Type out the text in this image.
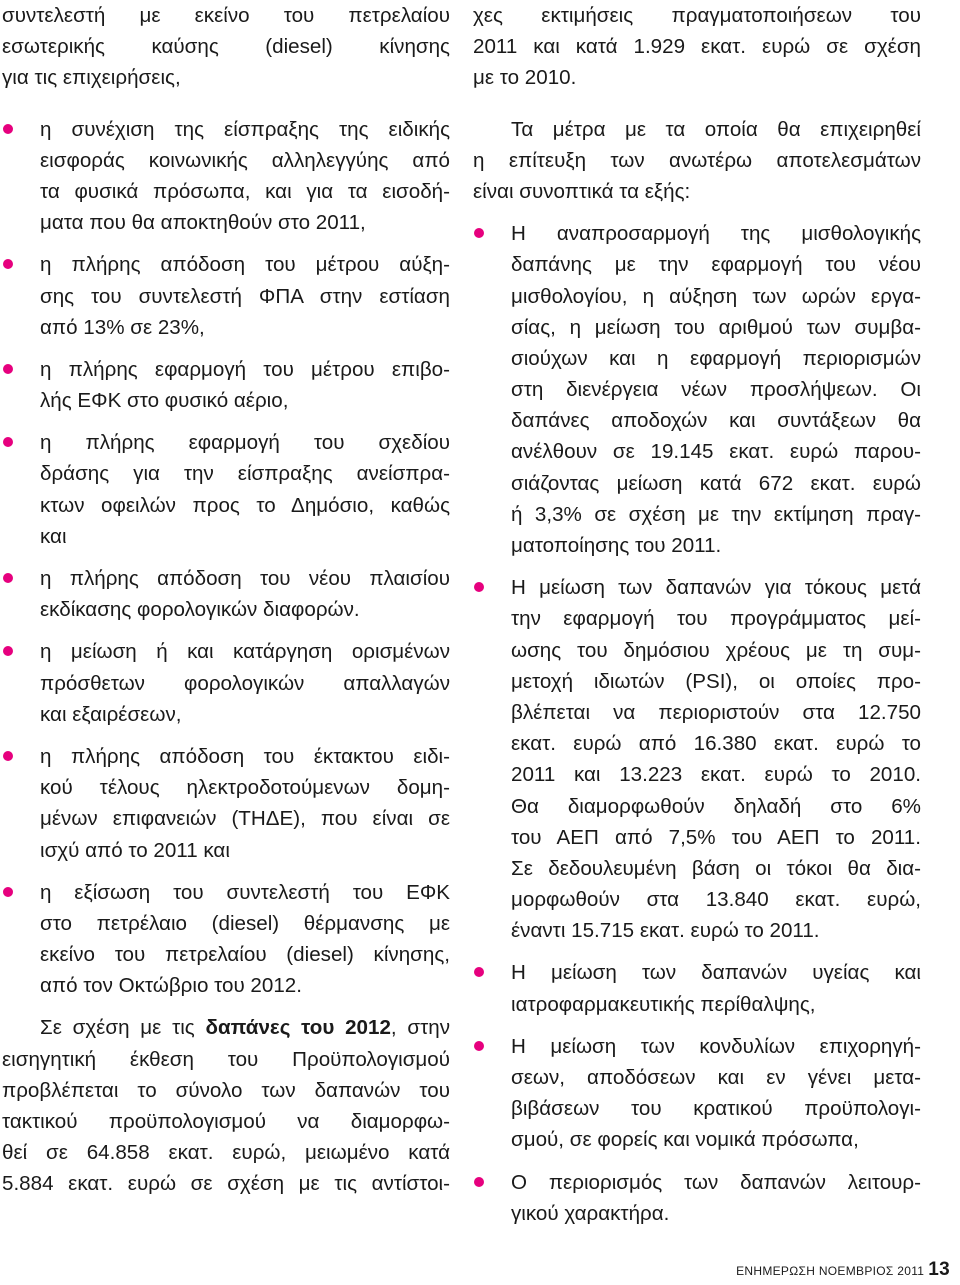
συντελεστή με εκείνο του πετρελαίου
εσωτερικής καύσης (diesel) κίνησης
για τις επιχειρήσεις,
η συνέχιση της είσπραξης της ειδικής
εισφοράς κοινωνικής αλληλεγγύης από
τα φυσικά πρόσωπα, και για τα εισοδή-
ματα που θα αποκτηθούν στο 2011,
η πλήρης απόδοση του μέτρου αύξη-
σης του συντελεστή ΦΠΑ στην εστίαση
από 13% σε 23%,
η πλήρης εφαρμογή του μέτρου επιβο-
λής ΕΦΚ στο φυσικό αέριο,
η πλήρης εφαρμογή του σχεδίου
δράσης για την είσπραξης ανείσπρα-
κτων οφειλών προς το Δημόσιο, καθώς
και
η πλήρης απόδοση του νέου πλαισίου
εκδίκασης φορολογικών διαφορών.
η μείωση ή και κατάργηση ορισμένων
πρόσθετων φορολογικών απαλλαγών
και εξαιρέσεων,
η πλήρης απόδοση του έκτακτου ειδι-
κού τέλους ηλεκτροδοτούμενων δομη-
μένων επιφανειών (ΤΗΔΕ), που είναι σε
ισχύ από το 2011 και
η εξίσωση του συντελεστή του ΕΦΚ
στο πετρέλαιο (diesel) θέρμανσης με
εκείνο του πετρελαίου (diesel) κίνησης,
από τον Οκτώβριο του 2012.
Σε σχέση με τις δαπάνες του 2012, στην
εισηγητική έκθεση του Προϋπολογισμού
προβλέπεται το σύνολο των δαπανών του
τακτικού προϋπολογισμού να διαμορφω-
θεί σε 64.858 εκατ. ευρώ, μειωμένο κατά
5.884 εκατ. ευρώ σε σχέση με τις αντίστοι-
χες εκτιμήσεις πραγματοποιήσεων του
2011 και κατά 1.929 εκατ. ευρώ σε σχέση
με το 2010.
Τα μέτρα με τα οποία θα επιχειρηθεί
η επίτευξη των ανωτέρω αποτελεσμάτων
είναι συνοπτικά τα εξής:
Η αναπροσαρμογή της μισθολογικής
δαπάνης με την εφαρμογή του νέου
μισθολογίου, η αύξηση των ωρών εργα-
σίας, η μείωση του αριθμού των συμβα-
σιούχων και η εφαρμογή περιορισμών
στη διενέργεια νέων προσλήψεων. Οι
δαπάνες αποδοχών και συντάξεων θα
ανέλθουν σε 19.145 εκατ. ευρώ παρου-
σιάζοντας μείωση κατά 672 εκατ. ευρώ
ή 3,3% σε σχέση με την εκτίμηση πραγ-
ματοποίησης του 2011.
Η μείωση των δαπανών για τόκους μετά
την εφαρμογή του προγράμματος μεί-
ωσης του δημόσιου χρέους με τη συμ-
μετοχή ιδιωτών (PSI), οι οποίες προ-
βλέπεται να περιοριστούν στα 12.750
εκατ. ευρώ από 16.380 εκατ. ευρώ το
2011 και 13.223 εκατ. ευρώ το 2010.
Θα διαμορφωθούν δηλαδή στο 6%
του ΑΕΠ από 7,5% του ΑΕΠ το 2011.
Σε δεδουλευμένη βάση οι τόκοι θα δια-
μορφωθούν στα 13.840 εκατ. ευρώ,
έναντι 15.715 εκατ. ευρώ το 2011.
Η μείωση των δαπανών υγείας και
ιατροφαρμακευτικής περίθαλψης,
Η μείωση των κονδυλίων επιχορηγή-
σεων, αποδόσεων και εν γένει μετα-
βιβάσεων του κρατικού προϋπολογι-
σμού, σε φορείς και νομικά πρόσωπα,
Ο περιορισμός των δαπανών λειτουρ-
γικού χαρακτήρα.
ΕΝΗΜΕΡΩΣΗ ΝΟΕΜΒΡΙΟΣ 2011 13
